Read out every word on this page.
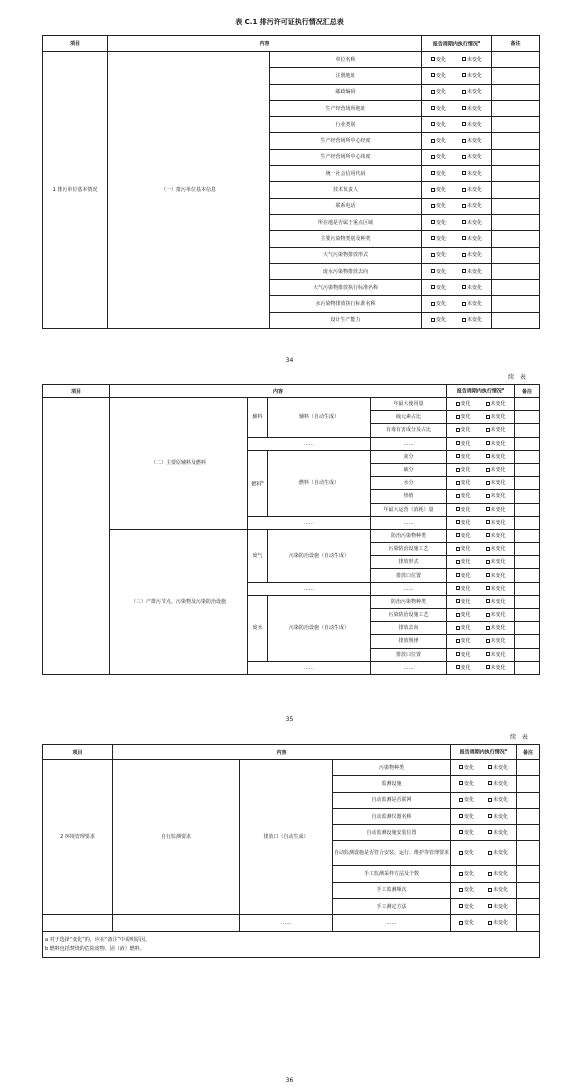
表 C.1 排污许可证执行情况汇总表
项目	内容		报告周期内执行情况$^a$	备注
1 排污单位基本情况	（一）排污单位基本信息	单位名称	变化 未变化	

		注册地址	变化 未变化	

		邮政编码	变化 未变化	

		生产经营场所地址	变化 未变化	

		行业类别	变化 未变化	

		生产经营场所中心经度	变化 未变化	

		生产经营场所中心纬度	变化 未变化	

		统一社会信用代码	变化 未变化	

		技术负责人	变化 未变化	

		联系电话	变化 未变化	

		所在地是否属于重点区域	变化 未变化	

		主要污染物类别及种类	变化 未变化	

		大气污染物排放形式	变化 未变化	

		废水污染物排放去向	变化 未变化	

		大气污染物排放执行标准名称	变化 未变化	

		水污染物排放执行标准名称	变化 未变化	

		设计生产能力	变化 未变化	

34
续 表
项目	内容				报告周期内执行情况$^a$	备注
	（二）主要原辅料及燃料	辅料	辅料（自动生成）	年最大使用量	变化 未变化	

				硫元素占比	变化 未变化	

				有毒有害成分及占比	变化 未变化	

		……		……	变化 未变化	

		燃料$^b$	燃料（自动生成）	灰分	变化 未变化	

				硫分	变化 未变化	

				水分	变化 未变化	

				热值	变化 未变化	

				年最大运营（消耗）量	变化 未变化	

		……		……	变化 未变化	

	（三）产排污节点、污染物及污染防治设施	废气	污染防治设施（自动生成）	防治污染物种类	变化 未变化	

				污染防治设施工艺	变化 未变化	

				排放形式	变化 未变化	

				排放口位置	变化 未变化	

		……		……	变化 未变化	

		废水	污染防治设施（自动生成）	防治污染物种类	变化 未变化	

				污染防治设施工艺	变化 未变化	

				排放去向	变化 未变化	

				排放规律	变化 未变化	

				排放口位置	变化 未变化	

		……		……	变化 未变化	

35
续 表
项目	内容			报告周期内执行情况$^a$	备注
2 环境管理要求	自行监测要求	排放口（自动生成）	污染物种类	变化 未变化	

			监测设施	变化 未变化	

			自动监测是否联网	变化 未变化	

			自动监测仪器名称	变化 未变化	

			自动监测设施安装位置	变化 未变化	

			自动监测设施是否符合安装、运行、维护等管理要求	变化 未变化	

			手工监测采样方法及个数	变化 未变化	

			手工监测频次	变化 未变化	

			手工测定方法	变化 未变化	

		……	……	变化 未变化	

a 对于选择“变化”的，应在“备注”中说明原因。
b 燃料包括焚烧的危险废物、固（液）燃料。					
36
